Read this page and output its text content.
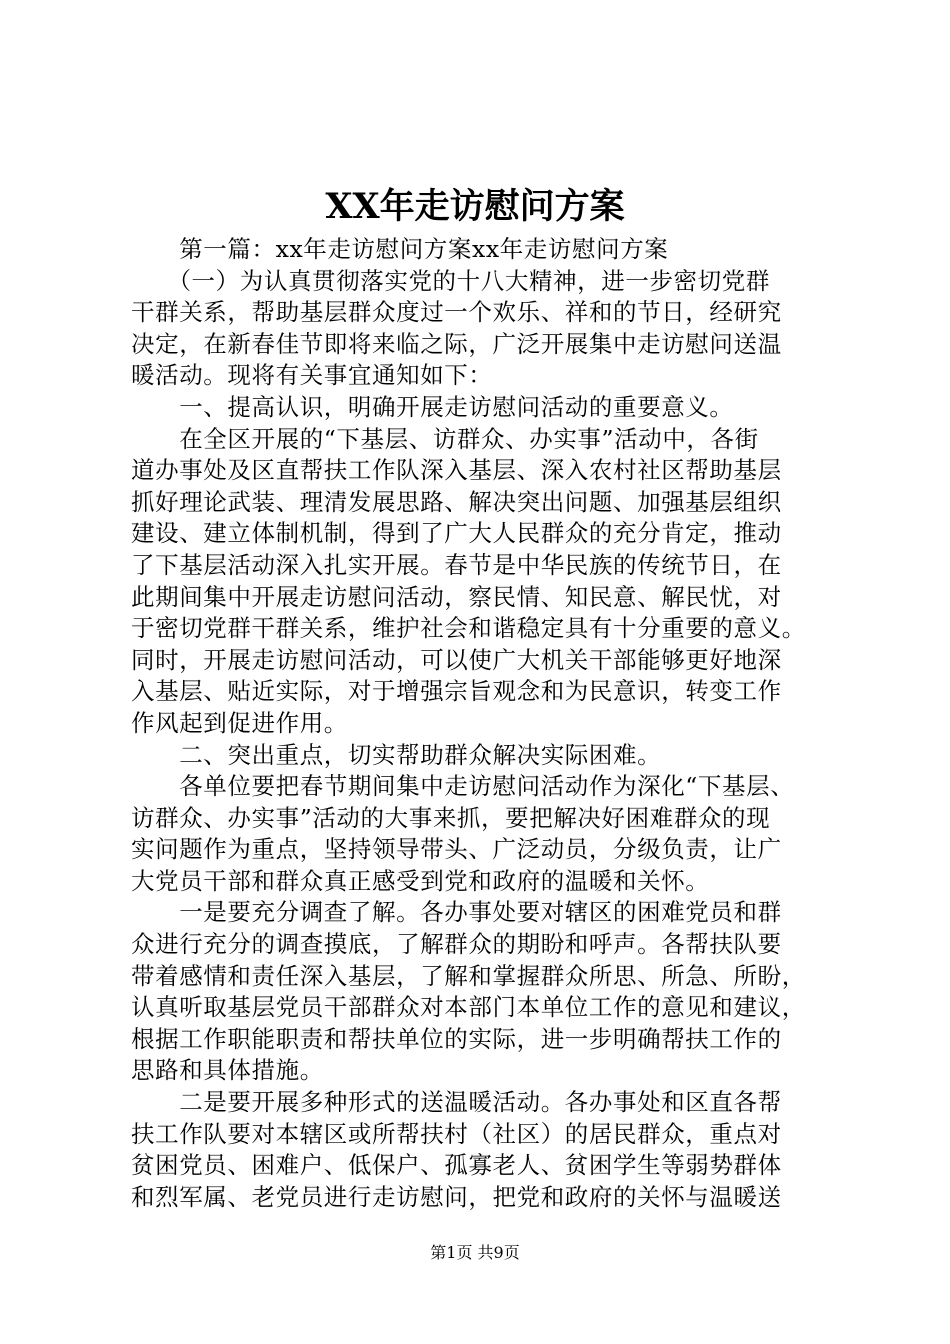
XX年走访慰问方案
　　第一篇：xx年走访慰问方案xx年走访慰问方案
　　（一）为认真贯彻落实党的十八大精神，进一步密切党群
干群关系，帮助基层群众度过一个欢乐、祥和的节日，经研究
决定，在新春佳节即将来临之际，广泛开展集中走访慰问送温
暖活动。现将有关事宜通知如下：
　　一、提高认识，明确开展走访慰问活动的重要意义。
　　在全区开展的“下基层、访群众、办实事”活动中，各街
道办事处及区直帮扶工作队深入基层、深入农村社区帮助基层
抓好理论武装、理清发展思路、解决突出问题、加强基层组织
建设、建立体制机制，得到了广大人民群众的充分肯定，推动
了下基层活动深入扎实开展。春节是中华民族的传统节日，在
此期间集中开展走访慰问活动，察民情、知民意、解民忧，对
于密切党群干群关系，维护社会和谐稳定具有十分重要的意义。
同时，开展走访慰问活动，可以使广大机关干部能够更好地深
入基层、贴近实际，对于增强宗旨观念和为民意识，转变工作
作风起到促进作用。
　　二、突出重点，切实帮助群众解决实际困难。
　　各单位要把春节期间集中走访慰问活动作为深化“下基层、
访群众、办实事”活动的大事来抓，要把解决好困难群众的现
实问题作为重点，坚持领导带头、广泛动员，分级负责，让广
大党员干部和群众真正感受到党和政府的温暖和关怀。
　　一是要充分调查了解。各办事处要对辖区的困难党员和群
众进行充分的调查摸底，了解群众的期盼和呼声。各帮扶队要
带着感情和责任深入基层，了解和掌握群众所思、所急、所盼，
认真听取基层党员干部群众对本部门本单位工作的意见和建议，
根据工作职能职责和帮扶单位的实际，进一步明确帮扶工作的
思路和具体措施。
　　二是要开展多种形式的送温暖活动。各办事处和区直各帮
扶工作队要对本辖区或所帮扶村（社区）的居民群众，重点对
贫困党员、困难户、低保户、孤寡老人、贫困学生等弱势群体
和烈军属、老党员进行走访慰问，把党和政府的关怀与温暖送
第1页 共9页
